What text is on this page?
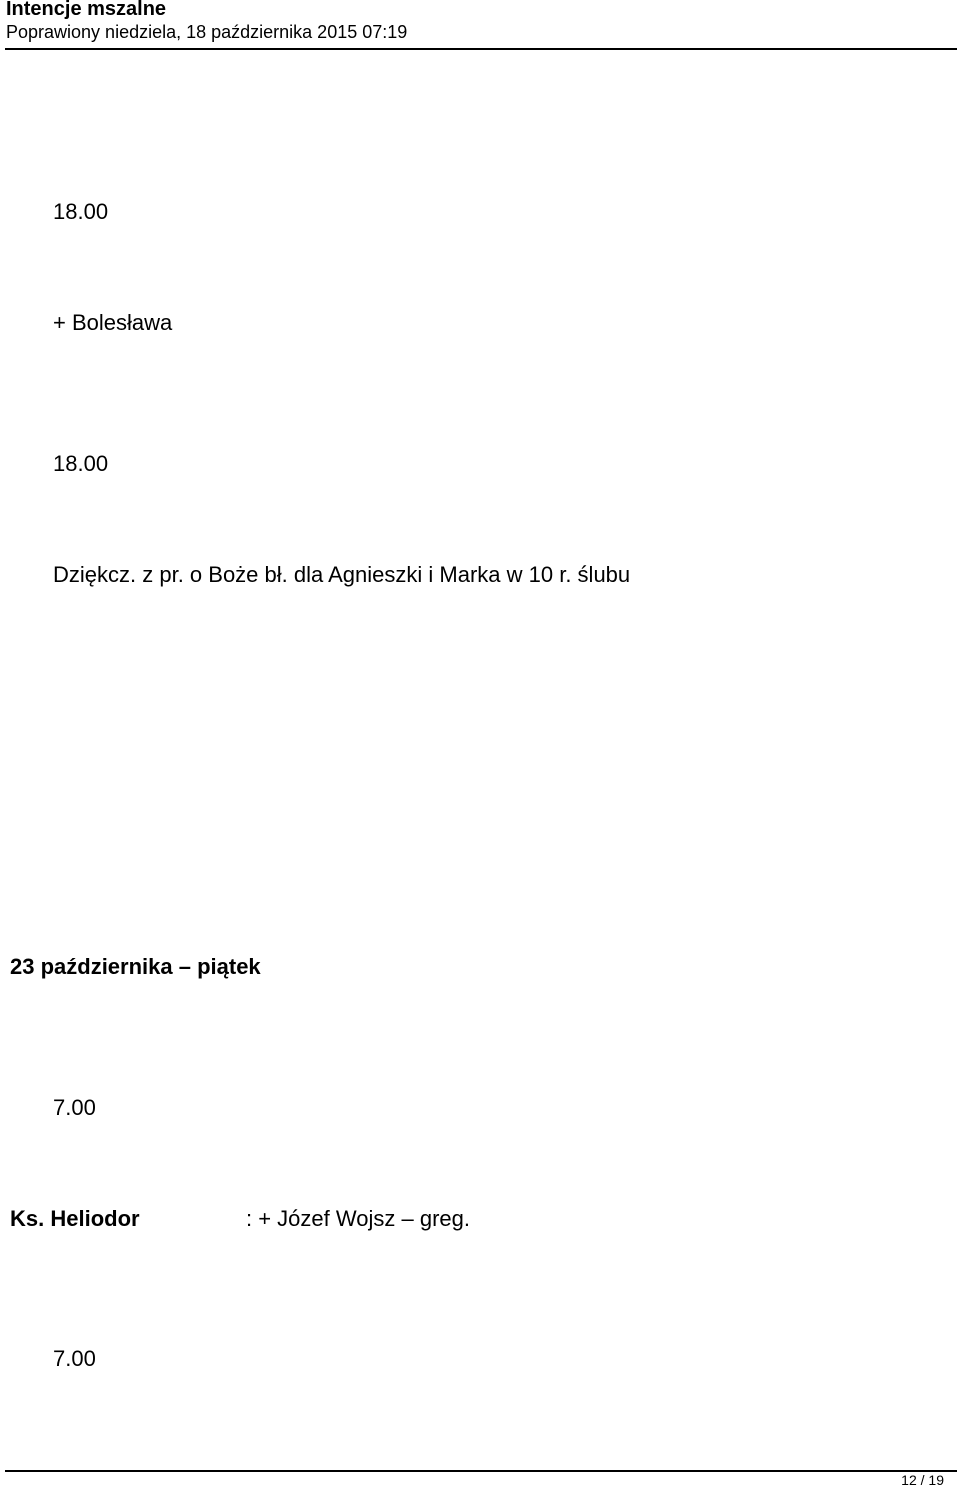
Intencje mszalne
Poprawiony niedziela, 18 października 2015 07:19
18.00
+ Bolesława
18.00
Dziękcz. z pr. o Boże bł. dla Agnieszki i Marka w 10 r. ślubu
23 października – piątek
7.00
Ks. Heliodor	: + Józef Wojsz – greg.
7.00
12 / 19
